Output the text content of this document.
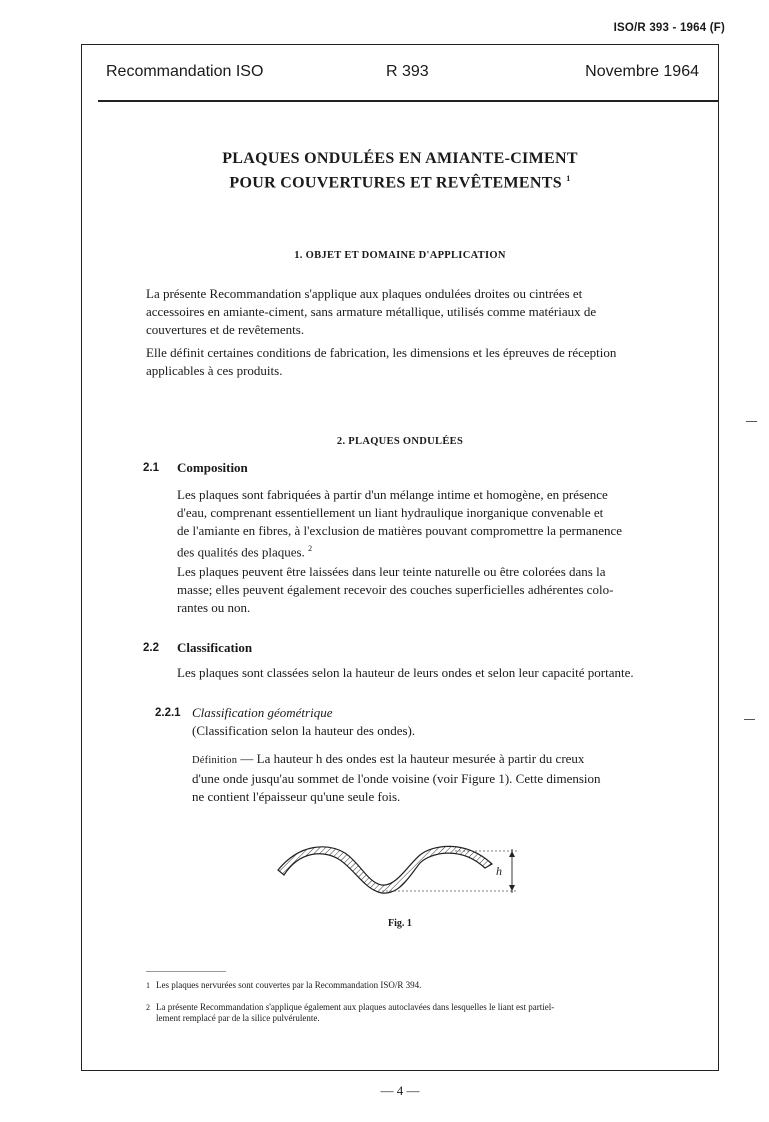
ISO/R 393 - 1964 (F)
Recommandation ISO	R 393	Novembre 1964
PLAQUES ONDULÉES EN AMIANTE-CIMENT
POUR COUVERTURES ET REVÊTEMENTS $^1$
1. OBJET ET DOMAINE D'APPLICATION
La présente Recommandation s'applique aux plaques ondulées droites ou cintrées et
accessoires en amiante-ciment, sans armature métallique, utilisés comme matériaux de
couvertures et de revêtements.
Elle définit certaines conditions de fabrication, les dimensions et les épreuves de réception
applicables à ces produits.
2. PLAQUES ONDULÉES
2.1 Composition
Les plaques sont fabriquées à partir d'un mélange intime et homogène, en présence
d'eau, comprenant essentiellement un liant hydraulique inorganique convenable et
de l'amiante en fibres, à l'exclusion de matières pouvant compromettre la permanence
des qualités des plaques. $^2$
Les plaques peuvent être laissées dans leur teinte naturelle ou être colorées dans la
masse; elles peuvent également recevoir des couches superficielles adhérentes colo-
rantes ou non.
2.2 Classification
Les plaques sont classées selon la hauteur de leurs ondes et selon leur capacité portante.
2.2.1 Classification géométrique
(Classification selon la hauteur des ondes).
Définition — La hauteur h des ondes est la hauteur mesurée à partir du creux
d'une onde jusqu'au sommet de l'onde voisine (voir Figure 1). Cette dimension
ne contient l'épaisseur qu'une seule fois.
h
Fig. 1
1 Les plaques nervurées sont couvertes par la Recommandation ISO/R 394.
2 La présente Recommandation s'applique également aux plaques autoclavées dans lesquelles le liant est partiel-
lement remplacé par de la silice pulvérulente.
— 4 —
